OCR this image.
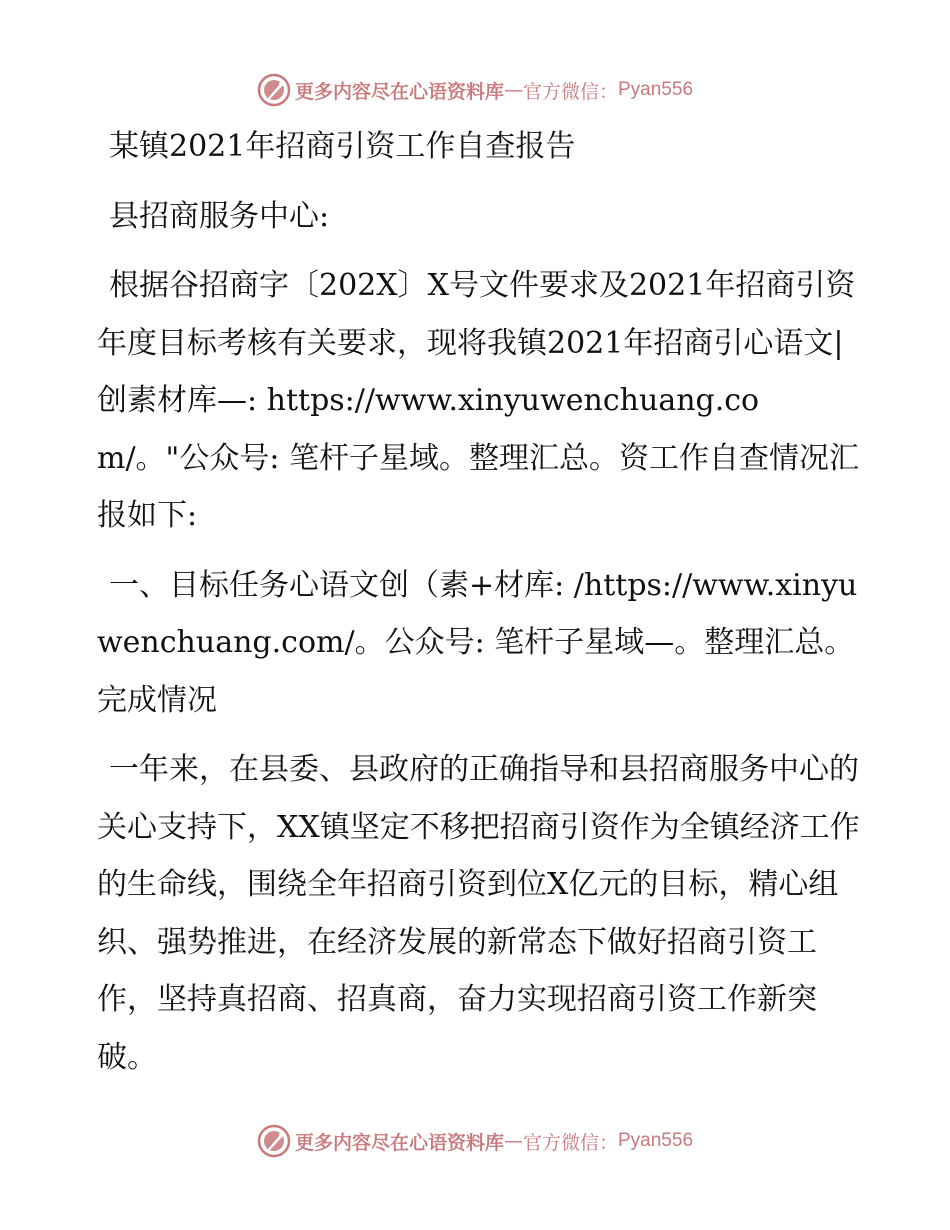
更多内容尽在心语资料库 — 官方微信： Pyan556

某镇2021年招商引资工作自查报告

县招商服务中心:

根据谷招商字〔202X〕X号文件要求及2021年招商引资年度目标考核有关要求，现将我镇2021年招商引心语文|创素材库—: https://www.xinyuwenchuang.com/。"公众号: 笔杆子星域。整理汇总。资工作自查情况汇报如下:

一、目标任务心语文创（素+材库: /https://www.xinyuwenchuang.com/。公众号: 笔杆子星域—。整理汇总。完成情况

一年来，在县委、县政府的正确指导和县招商服务中心的关心支持下，XX镇坚定不移把招商引资作为全镇经济工作的生命线，围绕全年招商引资到位X亿元的目标，精心组织、强势推进，在经济发展的新常态下做好招商引资工作，坚持真招商、招真商，奋力实现招商引资工作新突破。

更多内容尽在心语资料库 — 官方微信： Pyan556
